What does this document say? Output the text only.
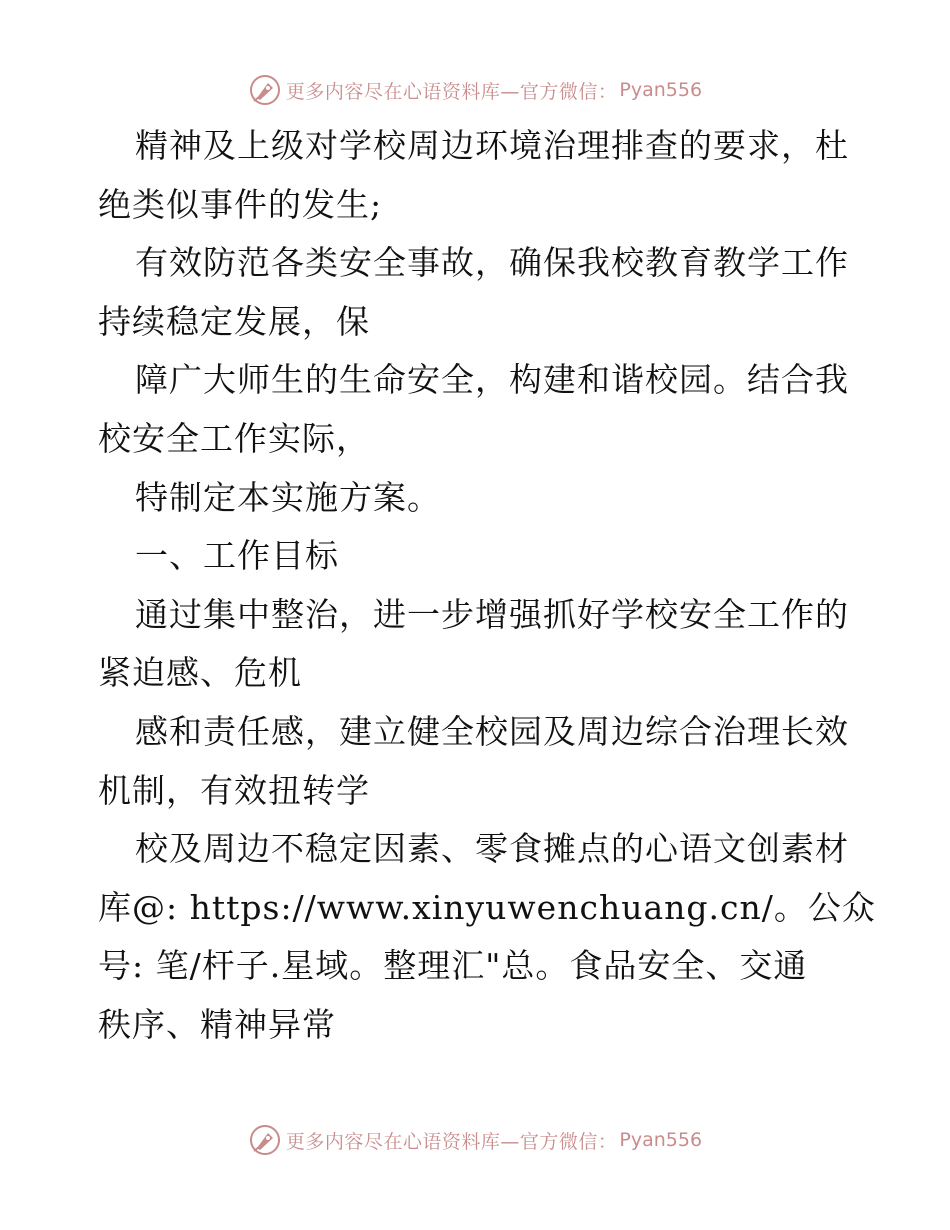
更多内容尽在心语资料库—官方微信： Pyan556
精神及上级对学校周边环境治理排查的要求，杜
绝类似事件的发生;
有效防范各类安全事故，确保我校教育教学工作
持续稳定发展，保
障广大师生的生命安全，构建和谐校园。结合我
校安全工作实际，
特制定本实施方案。
一、工作目标
通过集中整治，进一步增强抓好学校安全工作的
紧迫感、危机
感和责任感，建立健全校园及周边综合治理长效
机制，有效扭转学
校及周边不稳定因素、零食摊点的心语文创素材
库@: https://www.xinyuwenchuang.cn/。公众
号: 笔/杆子.星域。整理汇"总。食品安全、交通
秩序、精神异常
更多内容尽在心语资料库—官方微信： Pyan556
